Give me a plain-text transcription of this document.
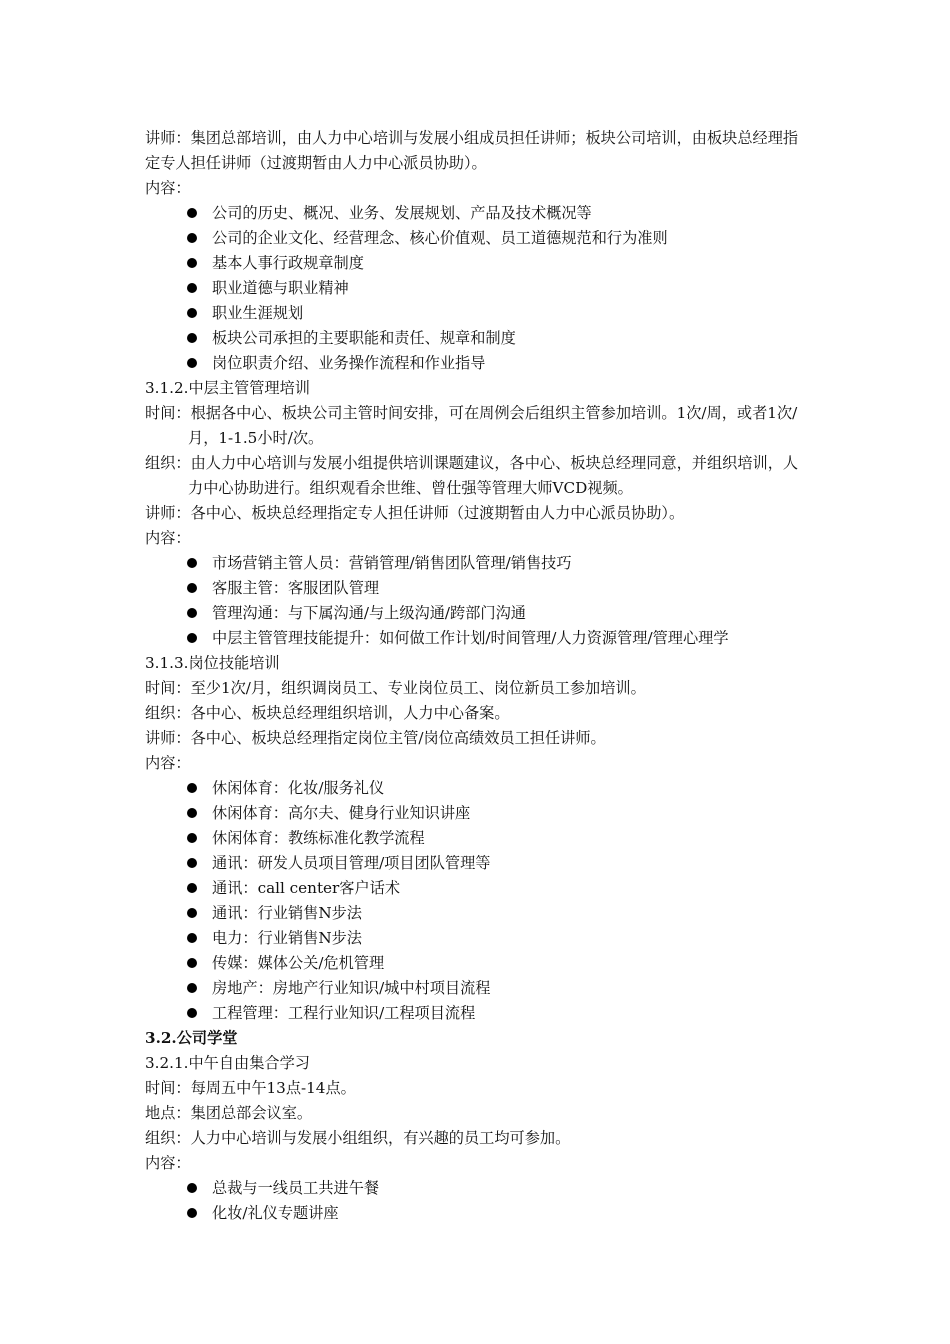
讲师：集团总部培训，由人力中心培训与发展小组成员担任讲师；板块公司培训，由板块总经理指定专人担任讲师（过渡期暂由人力中心派员协助）。

内容：

公司的历史、概况、业务、发展规划、产品及技术概况等
公司的企业文化、经营理念、核心价值观、员工道德规范和行为准则
基本人事行政规章制度
职业道德与职业精神
职业生涯规划
板块公司承担的主要职能和责任、规章和制度
岗位职责介绍、业务操作流程和作业指导

3.1.2.中层主管管理培训

时间：根据各中心、板块公司主管时间安排，可在周例会后组织主管参加培训。1次/周，或者1次/月，1-1.5小时/次。

组织：由人力中心培训与发展小组提供培训课题建议，各中心、板块总经理同意，并组织培训，人力中心协助进行。组织观看余世维、曾仕强等管理大师VCD视频。

讲师：各中心、板块总经理指定专人担任讲师（过渡期暂由人力中心派员协助）。

内容：

市场营销主管人员：营销管理/销售团队管理/销售技巧
客服主管：客服团队管理
管理沟通：与下属沟通/与上级沟通/跨部门沟通
中层主管管理技能提升：如何做工作计划/时间管理/人力资源管理/管理心理学

3.1.3.岗位技能培训

时间：至少1次/月，组织调岗员工、专业岗位员工、岗位新员工参加培训。

组织：各中心、板块总经理组织培训，人力中心备案。

讲师：各中心、板块总经理指定岗位主管/岗位高绩效员工担任讲师。

内容：

休闲体育：化妆/服务礼仪
休闲体育：高尔夫、健身行业知识讲座
休闲体育：教练标准化教学流程
通讯：研发人员项目管理/项目团队管理等
通讯：call center客户话术
通讯：行业销售N步法
电力：行业销售N步法
传媒：媒体公关/危机管理
房地产：房地产行业知识/城中村项目流程
工程管理：工程行业知识/工程项目流程

3.2.公司学堂

3.2.1.中午自由集合学习

时间：每周五中午13点-14点。

地点：集团总部会议室。

组织：人力中心培训与发展小组组织，有兴趣的员工均可参加。

内容：

总裁与一线员工共进午餐
化妆/礼仪专题讲座
